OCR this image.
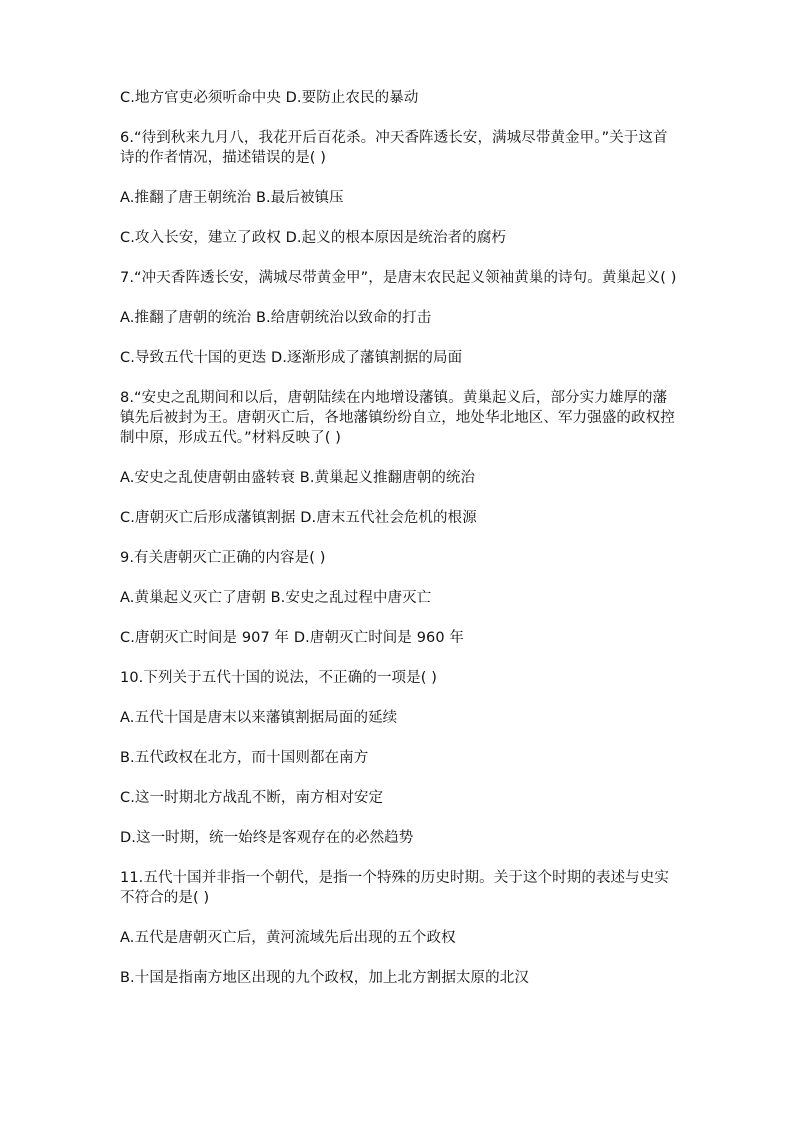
C.地方官吏必须听命中央 D.要防止农民的暴动

6.“待到秋来九月八，我花开后百花杀。冲天香阵透长安，满城尽带黄金甲。”关于这首诗的作者情况，描述错误的是( )

A.推翻了唐王朝统治 B.最后被镇压

C.攻入长安，建立了政权 D.起义的根本原因是统治者的腐朽

7.“冲天香阵透长安，满城尽带黄金甲”，是唐末农民起义领袖黄巢的诗句。黄巢起义( )

A.推翻了唐朝的统治 B.给唐朝统治以致命的打击

C.导致五代十国的更迭 D.逐渐形成了藩镇割据的局面

8.“安史之乱期间和以后，唐朝陆续在内地增设藩镇。黄巢起义后，部分实力雄厚的藩镇先后被封为王。唐朝灭亡后，各地藩镇纷纷自立，地处华北地区、军力强盛的政权控制中原，形成五代。”材料反映了( )

A.安史之乱使唐朝由盛转衰 B.黄巢起义推翻唐朝的统治

C.唐朝灭亡后形成藩镇割据 D.唐末五代社会危机的根源

9.有关唐朝灭亡正确的内容是( )

A.黄巢起义灭亡了唐朝 B.安史之乱过程中唐灭亡

C.唐朝灭亡时间是 907 年 D.唐朝灭亡时间是 960 年

10.下列关于五代十国的说法，不正确的一项是( )

A.五代十国是唐末以来藩镇割据局面的延续

B.五代政权在北方，而十国则都在南方

C.这一时期北方战乱不断，南方相对安定

D.这一时期，统一始终是客观存在的必然趋势

11.五代十国并非指一个朝代，是指一个特殊的历史时期。关于这个时期的表述与史实不符合的是( )

A.五代是唐朝灭亡后，黄河流域先后出现的五个政权

B.十国是指南方地区出现的九个政权，加上北方割据太原的北汉
